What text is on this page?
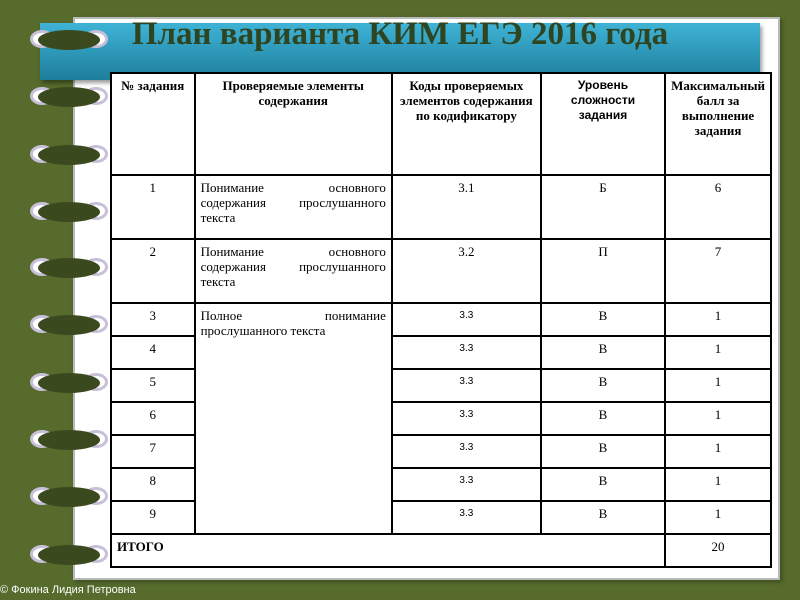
План варианта КИМ ЕГЭ 2016 года
№ задания	Проверяемые элементы содержания	Коды проверяемых элементов содержания по кодификатору	Уровень сложности задания	Максимальный балл за выполнение задания
1	Понимание основного содержания прослушанного текста	3.1	Б	6
2	Понимание основного содержания прослушанного текста	3.2	П	7
3	Полное понимание прослушанного текста	3.3	В	1
4		3.3	В	1
5		3.3	В	1
6		3.3	В	1
7		3.3	В	1
8		3.3	В	1
9		3.3	В	1
ИТОГО				20
© Фокина Лидия Петровна
